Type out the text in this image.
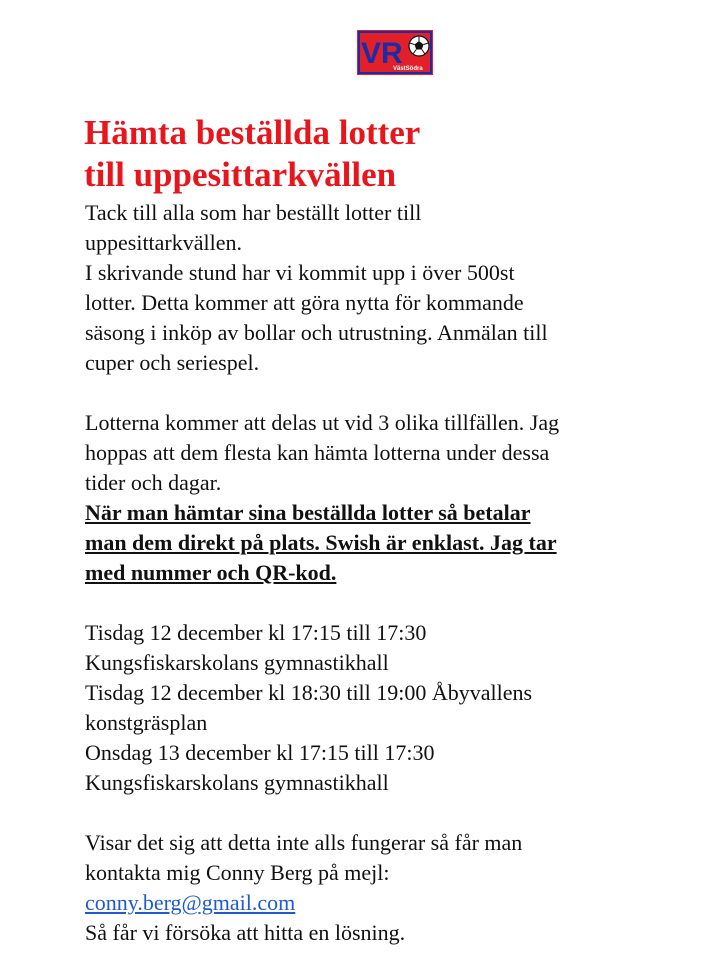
VR
VästSödra
Hämta beställda lotter
till uppesittarkvällen

Tack till alla som har beställt lotter till
uppesittarkvällen.
I skrivande stund har vi kommit upp i över 500st
lotter. Detta kommer att göra nytta för kommande
säsong i inköp av bollar och utrustning. Anmälan till
cuper och seriespel.

Lotterna kommer att delas ut vid 3 olika tillfällen. Jag
hoppas att dem flesta kan hämta lotterna under dessa
tider och dagar.
När man hämtar sina beställda lotter så betalar
man dem direkt på plats. Swish är enklast. Jag tar
med nummer och QR-kod.

Tisdag 12 december kl 17:15 till 17:30
Kungsfiskarskolans gymnastikhall
Tisdag 12 december kl 18:30 till 19:00 Åbyvallens
konstgräsplan
Onsdag 13 december kl 17:15 till 17:30
Kungsfiskarskolans gymnastikhall

Visar det sig att detta inte alls fungerar så får man
kontakta mig Conny Berg på mejl:
conny.berg@gmail.com
Så får vi försöka att hitta en lösning.
